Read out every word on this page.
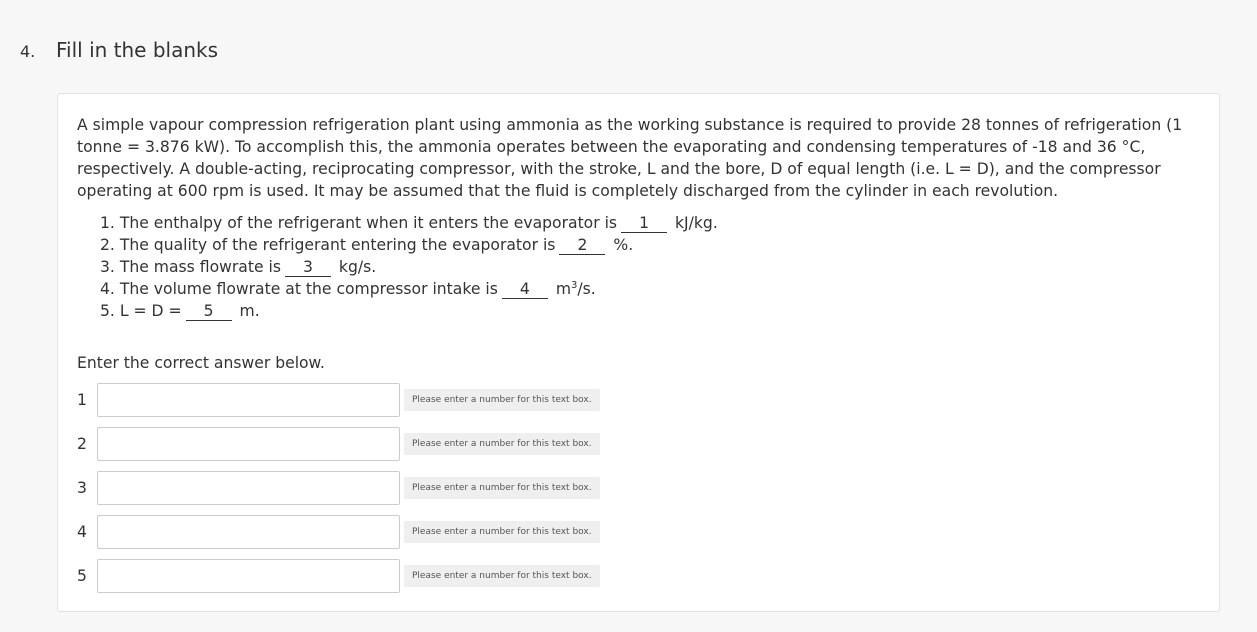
4.	Fill in the blanks

A simple vapour compression refrigeration plant using ammonia as the working substance is required to provide 28 tonnes of refrigeration (1 tonne = 3.876 kW). To accomplish this, the ammonia operates between the evaporating and condensing temperatures of -18 and 36 °C, respectively. A double-acting, reciprocating compressor, with the stroke, L and the bore, D of equal length (i.e. L = D), and the compressor operating at 600 rpm is used. It may be assumed that the fluid is completely discharged from the cylinder in each revolution.

1. The enthalpy of the refrigerant when it enters the evaporator is 1 kJ/kg.
2. The quality of the refrigerant entering the evaporator is 2 %.
3. The mass flowrate is 3 kg/s.
4. The volume flowrate at the compressor intake is 4 $m^3/s$.
5. L = D = 5 m.

Enter the correct answer below.

1	Please enter a number for this text box.
2	Please enter a number for this text box.
3	Please enter a number for this text box.
4	Please enter a number for this text box.
5	Please enter a number for this text box.
